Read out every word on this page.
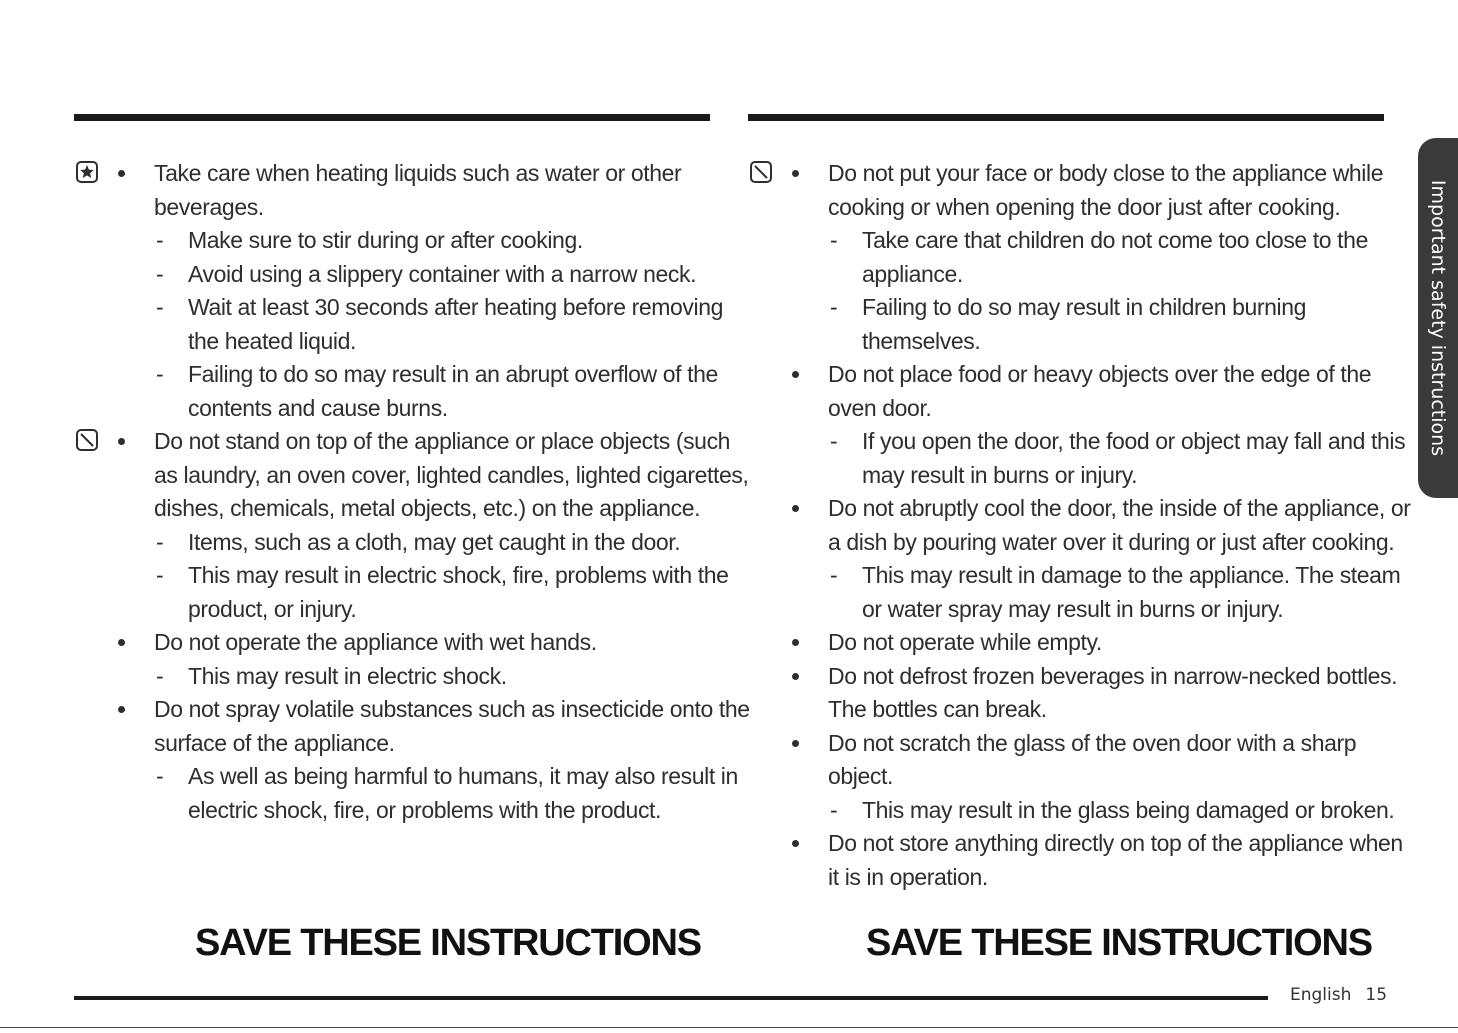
Take care when heating liquids such as water or other
beverages.
- Make sure to stir during or after cooking.
- Avoid using a slippery container with a narrow neck.
- Wait at least 30 seconds after heating before removing
the heated liquid.
- Failing to do so may result in an abrupt overflow of the
contents and cause burns.
Do not stand on top of the appliance or place objects (such
as laundry, an oven cover, lighted candles, lighted cigarettes,
dishes, chemicals, metal objects, etc.) on the appliance.
- Items, such as a cloth, may get caught in the door.
- This may result in electric shock, fire, problems with the
product, or injury.
Do not operate the appliance with wet hands.
- This may result in electric shock.
Do not spray volatile substances such as insecticide onto the
surface of the appliance.
- As well as being harmful to humans, it may also result in
electric shock, fire, or problems with the product.
Do not put your face or body close to the appliance while
cooking or when opening the door just after cooking.
- Take care that children do not come too close to the
appliance.
- Failing to do so may result in children burning
themselves.
Do not place food or heavy objects over the edge of the
oven door.
- If you open the door, the food or object may fall and this
may result in burns or injury.
Do not abruptly cool the door, the inside of the appliance, or
a dish by pouring water over it during or just after cooking.
- This may result in damage to the appliance. The steam
or water spray may result in burns or injury.
Do not operate while empty.
Do not defrost frozen beverages in narrow-necked bottles.
The bottles can break.
Do not scratch the glass of the oven door with a sharp
object.
- This may result in the glass being damaged or broken.
Do not store anything directly on top of the appliance when
it is in operation.
SAVE THESE INSTRUCTIONS	SAVE THESE INSTRUCTIONS
English 15
Important safety instructions
